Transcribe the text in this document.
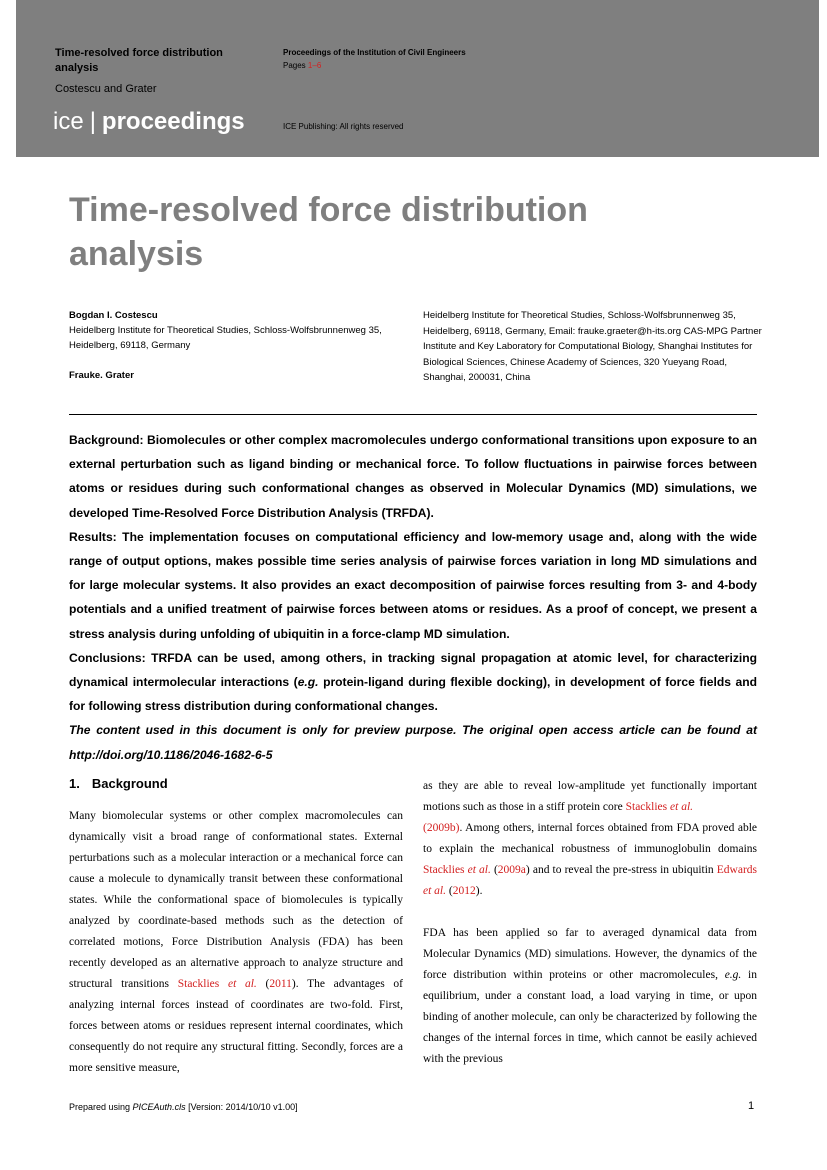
Time-resolved force distribution analysis
Costescu and Grater
ice | proceedings
Proceedings of the Institution of Civil Engineers
Pages 1–6
ICE Publishing: All rights reserved
Time-resolved force distribution analysis
Bogdan I. Costescu
Heidelberg Institute for Theoretical Studies, Schloss-Wolfsbrunnenweg 35, Heidelberg, 69118, Germany
Frauke. Grater
Heidelberg Institute for Theoretical Studies, Schloss-Wolfsbrunnenweg 35, Heidelberg, 69118, Germany, Email: frauke.graeter@h-its.org CAS-MPG Partner Institute and Key Laboratory for Computational Biology, Shanghai Institutes for Biological Sciences, Chinese Academy of Sciences, 320 Yueyang Road, Shanghai, 200031, China

Background: Biomolecules or other complex macromolecules undergo conformational transitions upon exposure to an external perturbation such as ligand binding or mechanical force. To follow fluctuations in pairwise forces between atoms or residues during such conformational changes as observed in Molecular Dynamics (MD) simulations, we developed Time-Resolved Force Distribution Analysis (TRFDA).

Results: The implementation focuses on computational efficiency and low-memory usage and, along with the wide range of output options, makes possible time series analysis of pairwise forces variation in long MD simulations and for large molecular systems. It also provides an exact decomposition of pairwise forces resulting from 3- and 4-body potentials and a unified treatment of pairwise forces between atoms or residues. As a proof of concept, we present a stress analysis during unfolding of ubiquitin in a force-clamp MD simulation.

Conclusions: TRFDA can be used, among others, in tracking signal propagation at atomic level, for characterizing dynamical intermolecular interactions (e.g. protein-ligand during flexible docking), in development of force fields and for following stress distribution during conformational changes.

The content used in this document is only for preview purpose. The original open access article can be found at http://doi.org/10.1186/2046-1682-6-5

1. Background

Many biomolecular systems or other complex macromolecules can dynamically visit a broad range of conformational states. External perturbations such as a molecular interaction or a mechanical force can cause a molecule to dynamically transit between these conformational states. While the conformational space of biomolecules is typically analyzed by coordinate-based methods such as the detection of correlated motions, Force Distribution Analysis (FDA) has been recently developed as an alternative approach to analyze structure and structural transitions Stacklies et al. (2011). The advantages of analyzing internal forces instead of coordinates are two-fold. First, forces between atoms or residues represent internal coordinates, which consequently do not require any structural fitting. Secondly, forces are a more sensitive measure,

as they are able to reveal low-amplitude yet functionally important motions such as those in a stiff protein core Stacklies et al.
(2009b). Among others, internal forces obtained from FDA proved able to explain the mechanical robustness of immunoglobulin domains Stacklies et al. (2009a) and to reveal the pre-stress in ubiquitin Edwards et al. (2012).

FDA has been applied so far to averaged dynamical data from Molecular Dynamics (MD) simulations. However, the dynamics of the force distribution within proteins or other macromolecules, e.g. in equilibrium, under a constant load, a load varying in time, or upon binding of another molecule, can only be characterized by following the changes of the internal forces in time, which cannot be easily achieved with the previous

Prepared using PICEAuth.cls [Version: 2014/10/10 v1.00]	1
